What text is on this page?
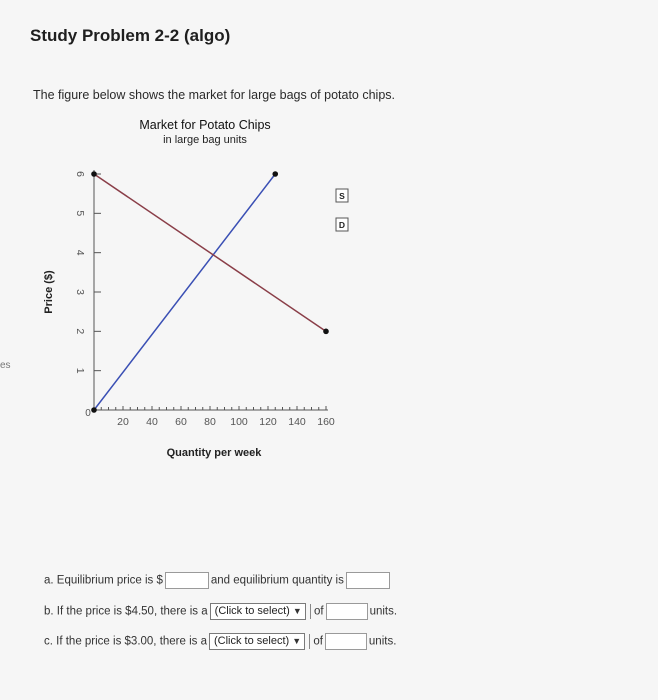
Study Problem 2-2 (algo)
The figure below shows the market for large bags of potato chips.
Market for Potato Chips
in large bag units
es
20 40 60 80 100 120 140 160
1
2
3
4
5
6
0
Quantity per week
Price ($)
S
D
a. Equilibrium price is $	and equilibrium quantity is
b. If the price is $4.50, there is a (Click to select) ▼ of	units.
c. If the price is $3.00, there is a (Click to select) ▼ of	units.
